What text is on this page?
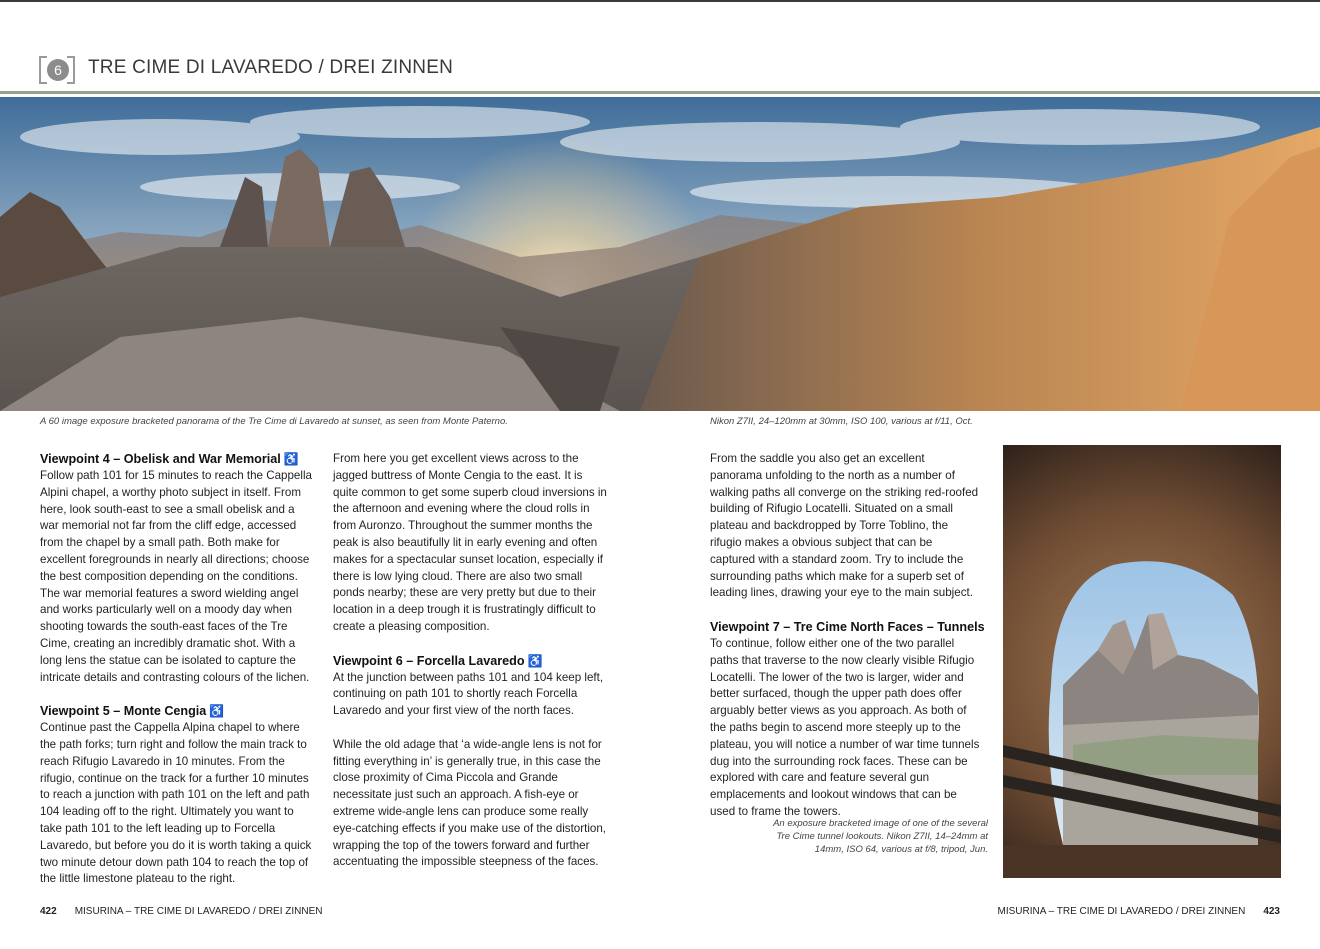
6	TRE CIME DI LAVAREDO / DREI ZINNEN
A 60 image exposure bracketed panorama of the Tre Cime di Lavaredo at sunset, as seen from Monte Paterno.	Nikon Z7II, 24–120mm at 30mm, ISO 100, various at f/11, Oct.
Viewpoint 4 – Obelisk and War Memorial ♿

Follow path 101 for 15 minutes to reach the Cappella Alpini chapel, a worthy photo subject in itself. From here, look south-east to see a small obelisk and a war memorial not far from the cliff edge, accessed from the chapel by a small path. Both make for excellent foregrounds in nearly all directions; choose the best composition depending on the conditions. The war memorial features a sword wielding angel and works particularly well on a moody day when shooting towards the south-east faces of the Tre Cime, creating an incredibly dramatic shot. With a long lens the statue can be isolated to capture the intricate details and contrasting colours of the lichen.

Viewpoint 5 – Monte Cengia ♿

Continue past the Cappella Alpina chapel to where the path forks; turn right and follow the main track to reach Rifugio Lavaredo in 10 minutes. From the rifugio, continue on the track for a further 10 minutes to reach a junction with path 101 on the left and path 104 leading off to the right. Ultimately you want to take path 101 to the left leading up to Forcella Lavaredo, but before you do it is worth taking a quick two minute detour down path 104 to reach the top of the little limestone plateau to the right.

From here you get excellent views across to the jagged buttress of Monte Cengia to the east. It is quite common to get some superb cloud inversions in the afternoon and evening where the cloud rolls in from Auronzo. Throughout the summer months the peak is also beautifully lit in early evening and often makes for a spectacular sunset location, especially if there is low lying cloud. There are also two small ponds nearby; these are very pretty but due to their location in a deep trough it is frustratingly difficult to create a pleasing composition.

Viewpoint 6 – Forcella Lavaredo ♿

At the junction between paths 101 and 104 keep left, continuing on path 101 to shortly reach Forcella Lavaredo and your first view of the north faces.

While the old adage that ‘a wide-angle lens is not for fitting everything in’ is generally true, in this case the close proximity of Cima Piccola and Grande necessitate just such an approach. A fish-eye or extreme wide-angle lens can produce some really eye-catching effects if you make use of the distortion, wrapping the top of the towers forward and further accentuating the impossible steepness of the faces.

From the saddle you also get an excellent panorama unfolding to the north as a number of walking paths all converge on the striking red-roofed building of Rifugio Locatelli. Situated on a small plateau and backdropped by Torre Toblino, the rifugio makes a obvious subject that can be captured with a standard zoom. Try to include the surrounding paths which make for a superb set of leading lines, drawing your eye to the main subject.

Viewpoint 7 – Tre Cime North Faces – Tunnels

To continue, follow either one of the two parallel paths that traverse to the now clearly visible Rifugio Locatelli. The lower of the two is larger, wider and better surfaced, though the upper path does offer arguably better views as you approach. As both of the paths begin to ascend more steeply up to the plateau, you will notice a number of war time tunnels dug into the surrounding rock faces. These can be explored with care and feature several gun emplacements and lookout windows that can be used to frame the towers.

An exposure bracketed image of one of the several Tre Cime tunnel lookouts. Nikon Z7II, 14–24mm at 14mm, ISO 64, various at f/8, tripod, Jun.
422 MISURINA – TRE CIME DI LAVAREDO / DREI ZINNEN	MISURINA – TRE CIME DI LAVAREDO / DREI ZINNEN 423
